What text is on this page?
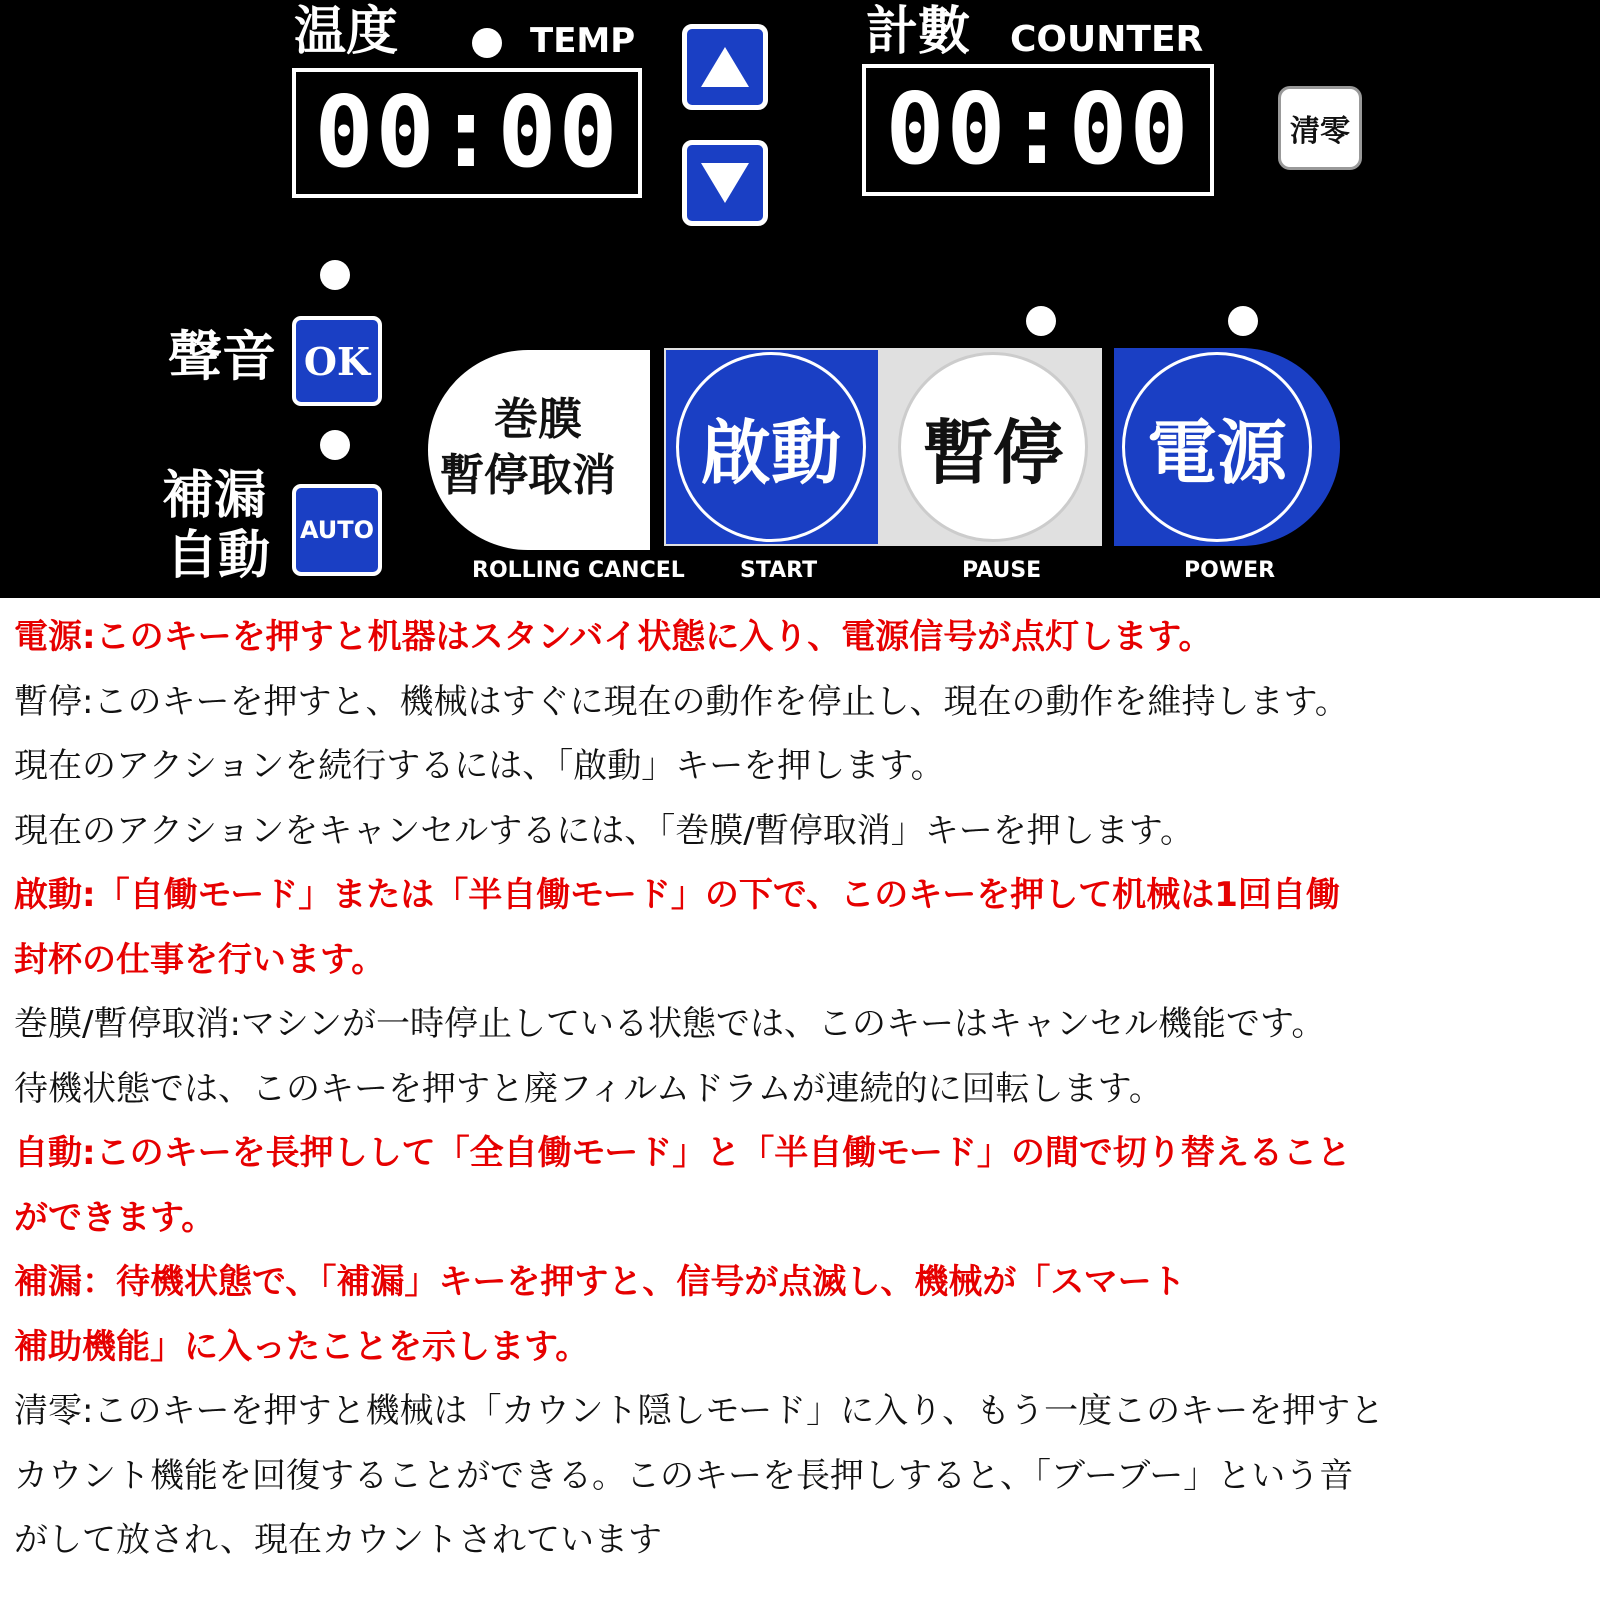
温度	TEMP
00:00
計數 COUNTER
00:00	清零
聲音 OK
補漏
自動	AUTO
巻膜
暫停取消
ROLLING CANCEL
啟動
START
暫停
PAUSE
電源
POWER
電源:このキーを押すと机器はスタンバイ状態に入り、電源信号が点灯します。
暫停:このキーを押すと、機械はすぐに現在の動作を停止し、現在の動作を維持します。
現在のアクションを続行するには、「啟動」キーを押します。
現在のアクションをキャンセルするには、「巻膜/暫停取消」キーを押します。
啟動:「自働モード」または「半自働モード」の下で、このキーを押して机械は1回自働
封杯の仕事を行います。
巻膜/暫停取消:マシンが一時停止している状態では、このキーはキャンセル機能です。
待機状態では、このキーを押すと廃フィルムドラムが連続的に回転します。
自動:このキーを長押しして「全自働モード」と「半自働モード」の間で切り替えること
ができます。
補漏：待機状態で、「補漏」キーを押すと、信号が点滅し、機械が「スマート
補助機能」に入ったことを示します。
清零:このキーを押すと機械は「カウント隠しモード」に入り、もう一度このキーを押すと
カウント機能を回復することができる。このキーを長押しすると、「ブーブー」という音
がして放され、現在カウントされています
